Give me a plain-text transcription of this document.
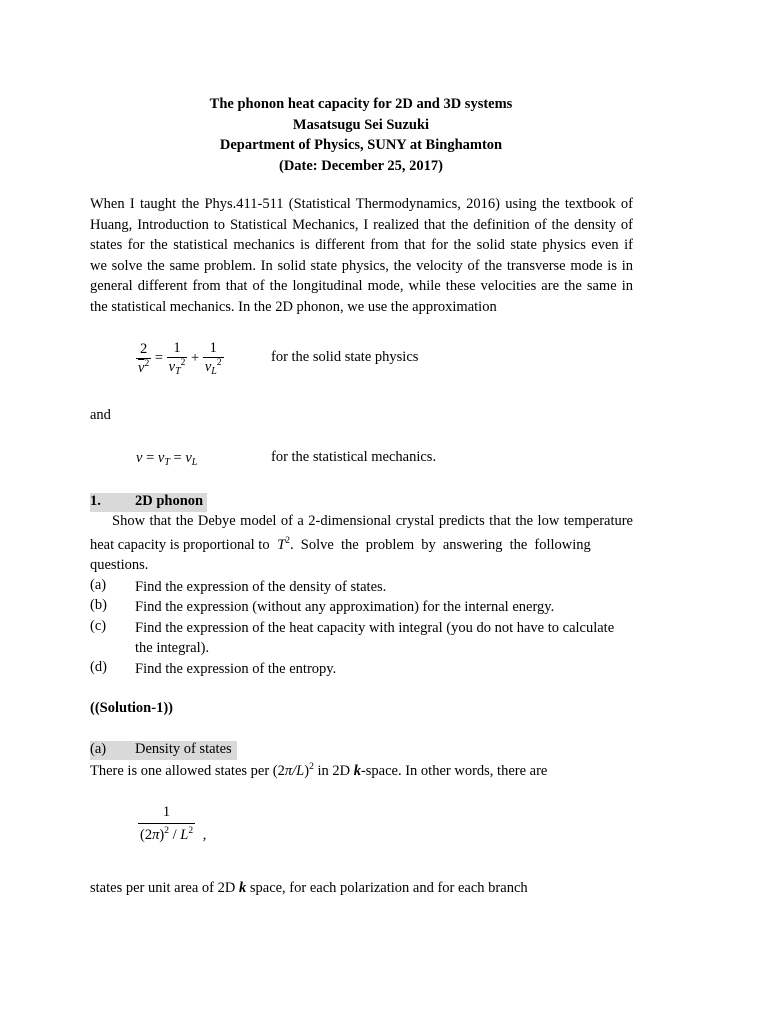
The phonon heat capacity for 2D and 3D systems
Masatsugu Sei Suzuki
Department of Physics, SUNY at Binghamton
(Date: December 25, 2017)
When I taught the Phys.411-511 (Statistical Thermodynamics, 2016) using the textbook of
Huang, Introduction to Statistical Mechanics, I realized that the definition of the density of
states for the statistical mechanics is different from that for the solid state physics even if
we solve the same problem. In solid state physics, the velocity of the transverse mode is in
general different from that of the longitudinal mode, while these velocities are the same in
the statistical mechanics. In the 2D phonon, we use the approximation
$\frac{2}{\overline{v}^2} = \frac{1}{v_T^2} + \frac{1}{v_L^2}$	for the solid state physics
and
$v = v_T = v_L$	for the statistical mechanics.
1. 2D phonon
Show that the Debye model of a 2-dimensional crystal predicts that the low temperature
heat capacity is proportional to $T^2$. Solve the problem by answering the following
questions.
(a) Find the expression of the density of states.
(b) Find the expression (without any approximation) for the internal energy.
(c) Find the expression of the heat capacity with integral (you do not have to calculate
the integral).
(d) Find the expression of the entropy.
((Solution-1))
(a) Density of states
There is one allowed states per $(2\pi/L)^2$ in 2D k-space. In other words, there are
$\frac{1}{(2\pi)^2 / L^2}$ ,
states per unit area of 2D k space, for each polarization and for each branch
